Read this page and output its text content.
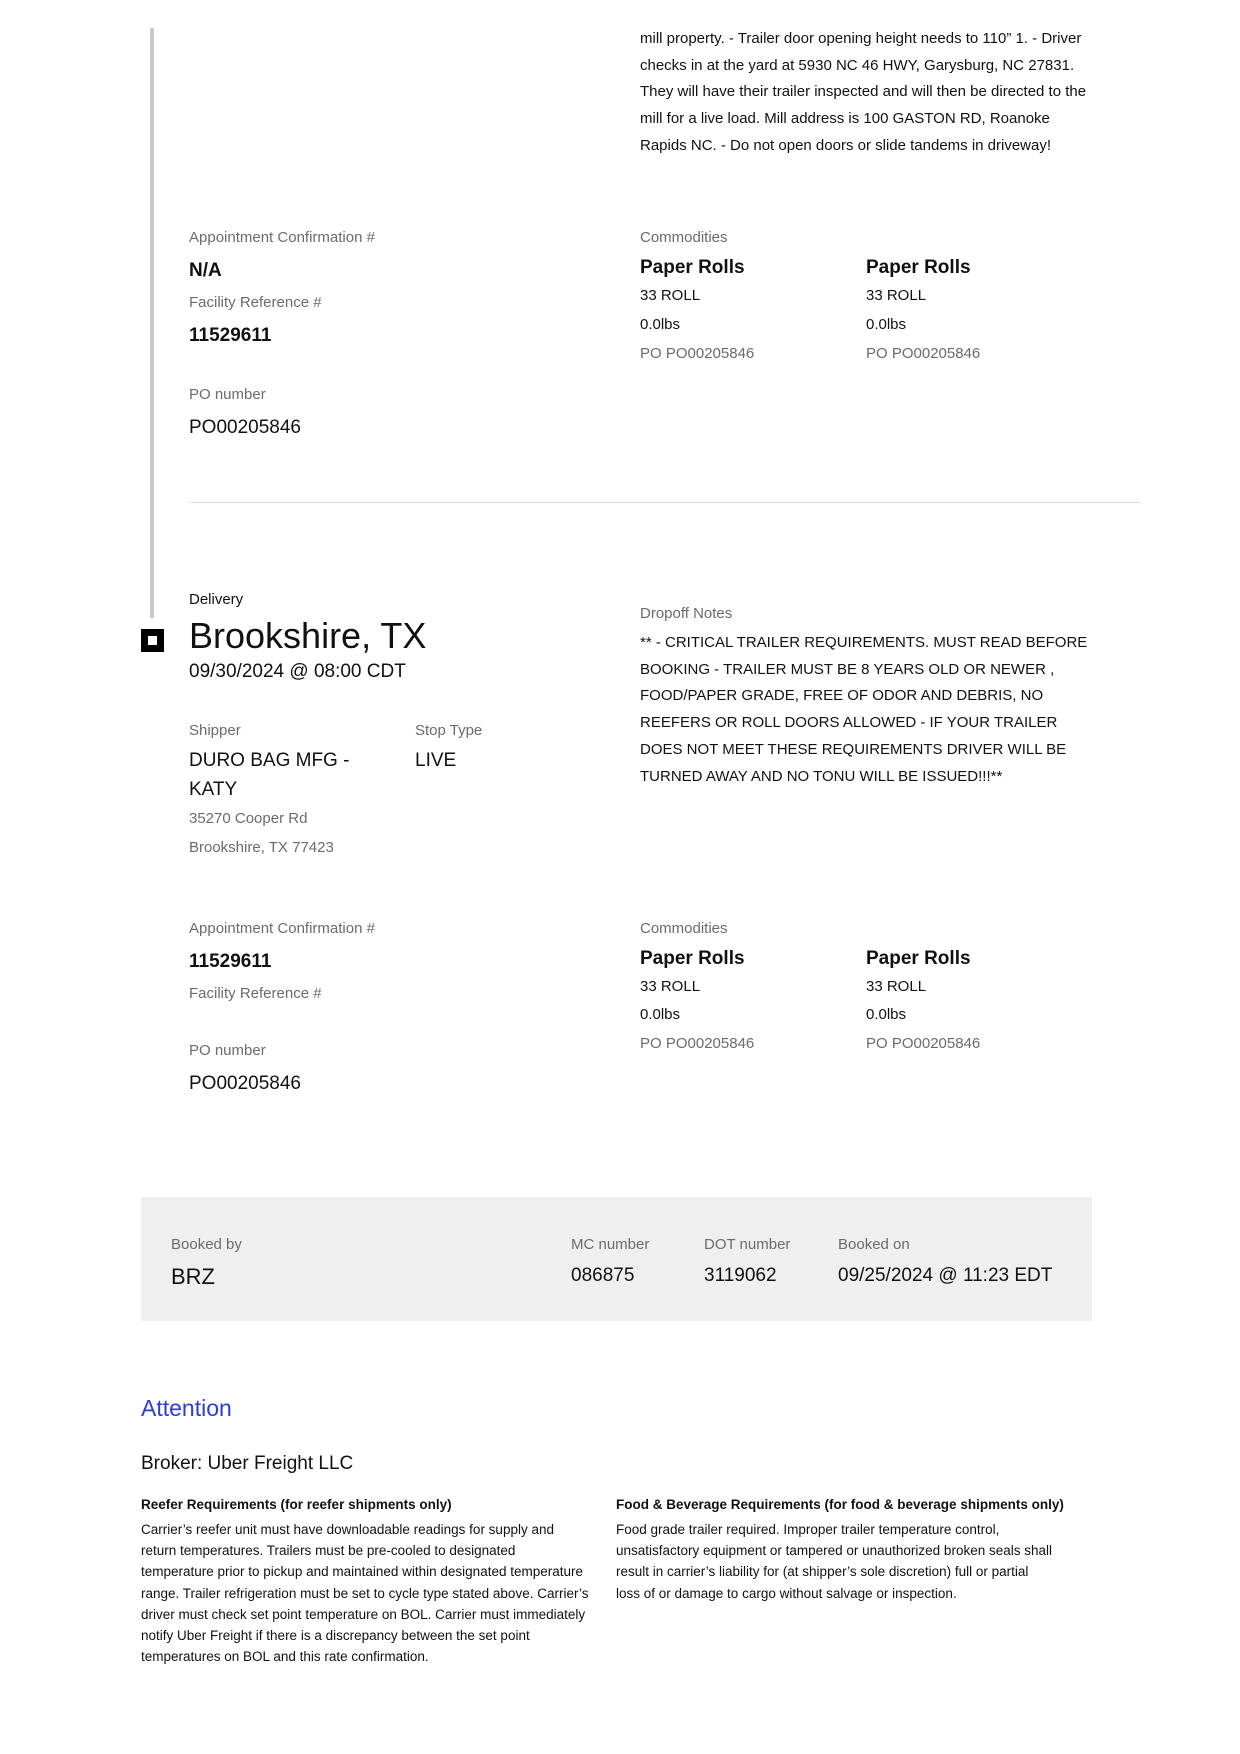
mill property. - Trailer door opening height needs to 110” 1. - Driver checks in at the yard at 5930 NC 46 HWY, Garysburg, NC 27831. They will have their trailer inspected and will then be directed to the mill for a live load. Mill address is 100 GASTON RD, Roanoke Rapids NC. - Do not open doors or slide tandems in driveway!
Appointment Confirmation #
N/A
Facility Reference #
11529611
PO number
PO00205846
Commodities
Paper Rolls
33 ROLL
0.0lbs
PO PO00205846
Paper Rolls
33 ROLL
0.0lbs
PO PO00205846
Delivery
Brookshire, TX
09/30/2024 @ 08:00 CDT
Shipper
DURO BAG MFG -
KATY
35270 Cooper Rd
Brookshire, TX 77423
Stop Type
LIVE
Dropoff Notes
** - CRITICAL TRAILER REQUIREMENTS. MUST READ BEFORE BOOKING - TRAILER MUST BE 8 YEARS OLD OR NEWER , FOOD/PAPER GRADE, FREE OF ODOR AND DEBRIS, NO REEFERS OR ROLL DOORS ALLOWED - IF YOUR TRAILER DOES NOT MEET THESE REQUIREMENTS DRIVER WILL BE TURNED AWAY AND NO TONU WILL BE ISSUED!!!**
Appointment Confirmation #
11529611
Facility Reference #
PO number
PO00205846
Commodities
Paper Rolls
33 ROLL
0.0lbs
PO PO00205846
Paper Rolls
33 ROLL
0.0lbs
PO PO00205846
Booked by
BRZ
MC number
086875
DOT number
3119062
Booked on
09/25/2024 @ 11:23 EDT
Attention
Broker: Uber Freight LLC
Reefer Requirements (for reefer shipments only)
Carrier’s reefer unit must have downloadable readings for supply and return temperatures. Trailers must be pre-cooled to designated temperature prior to pickup and maintained within designated temperature range. Trailer refrigeration must be set to cycle type stated above. Carrier’s driver must check set point temperature on BOL. Carrier must immediately notify Uber Freight if there is a discrepancy between the set point temperatures on BOL and this rate confirmation.
Food & Beverage Requirements (for food & beverage shipments only)
Food grade trailer required. Improper trailer temperature control, unsatisfactory equipment or tampered or unauthorized broken seals shall result in carrier’s liability for (at shipper’s sole discretion) full or partial loss of or damage to cargo without salvage or inspection.
